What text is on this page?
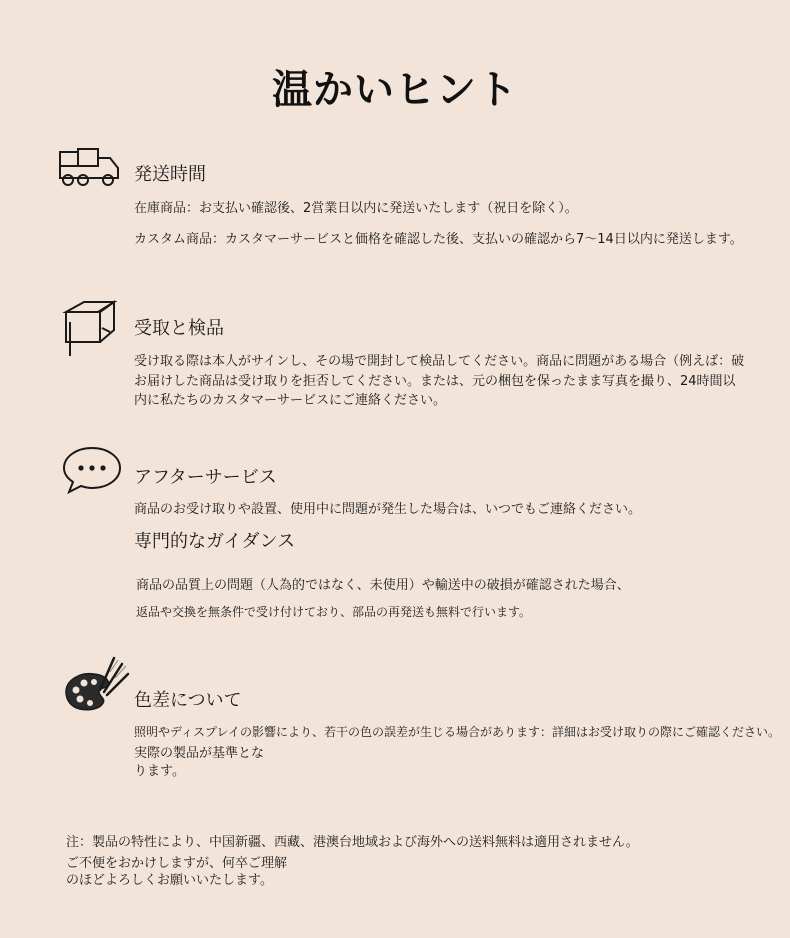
温かいヒント
発送時間
在庫商品：お支払い確認後、2営業日以内に発送いたします（祝日を除く）。
カスタム商品：カスタマーサービスと価格を確認した後、支払いの確認から7〜14日以内に発送します。
受取と検品
受け取る際は本人がサインし、その場で開封して検品してください。商品に問題がある場合（例えば：破
お届けした商品は受け取りを拒否してください。または、元の梱包を保ったまま写真を撮り、24時間以
内に私たちのカスタマーサービスにご連絡ください。
アフターサービス
商品のお受け取りや設置、使用中に問題が発生した場合は、いつでもご連絡ください。
専門的なガイダンス
商品の品質上の問題（人為的ではなく、未使用）や輸送中の破損が確認された場合、
返品や交換を無条件で受け付けており、部品の再発送も無料で行います。
色差について
照明やディスプレイの影響により、若干の色の誤差が生じる場合があります：詳細はお受け取りの際にご確認ください。
実際の製品が基準とな
ります。
注：製品の特性により、中国新疆、西藏、港澳台地域および海外への送料無料は適用されません。
ご不便をおかけしますが、何卒ご理解
のほどよろしくお願いいたします。
